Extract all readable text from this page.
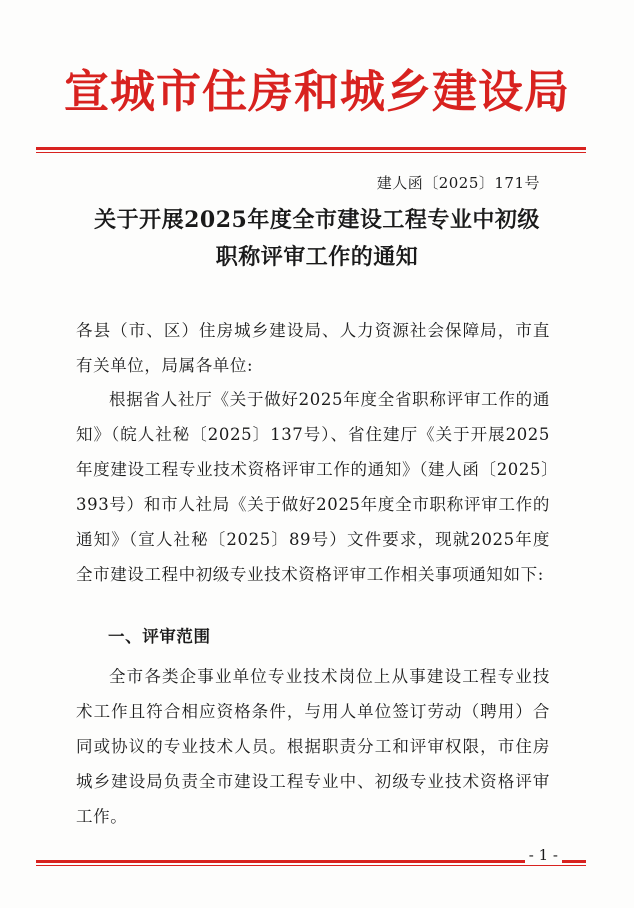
宣城市住房和城乡建设局
建人函〔2025〕171号
关于开展2025年度全市建设工程专业中初级
职称评审工作的通知

各县（市、区）住房城乡建设局、人力资源社会保障局，市直有关单位，局属各单位:

根据省人社厅《关于做好2025年度全省职称评审工作的通知》（皖人社秘〔2025〕137号）、省住建厅《关于开展2025年度建设工程专业技术资格评审工作的通知》（建人函〔2025〕393号）和市人社局《关于做好2025年度全市职称评审工作的通知》（宣人社秘〔2025〕89号）文件要求，现就2025年度全市建设工程中初级专业技术资格评审工作相关事项通知如下:

一、评审范围

全市各类企事业单位专业技术岗位上从事建设工程专业技术工作且符合相应资格条件，与用人单位签订劳动（聘用）合同或协议的专业技术人员。根据职责分工和评审权限，市住房城乡建设局负责全市建设工程专业中、初级专业技术资格评审工作。

- 1 -
